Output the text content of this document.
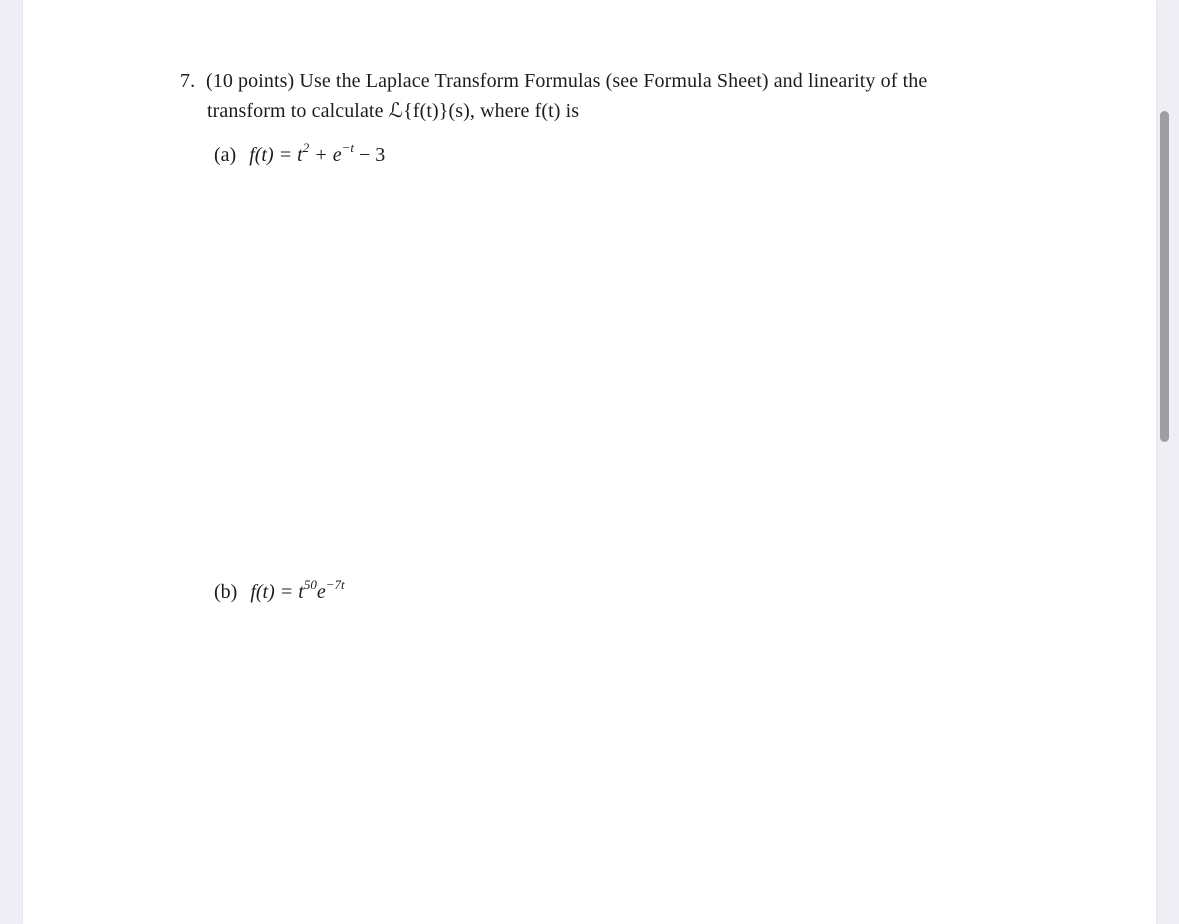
7. (10 points) Use the Laplace Transform Formulas (see Formula Sheet) and linearity of the
transform to calculate ℒ{f(t)}(s), where f(t) is
(a) $f(t) = t^2 + e^{-t} - 3$
(b) $f(t) = t^{50}e^{-7t}$
